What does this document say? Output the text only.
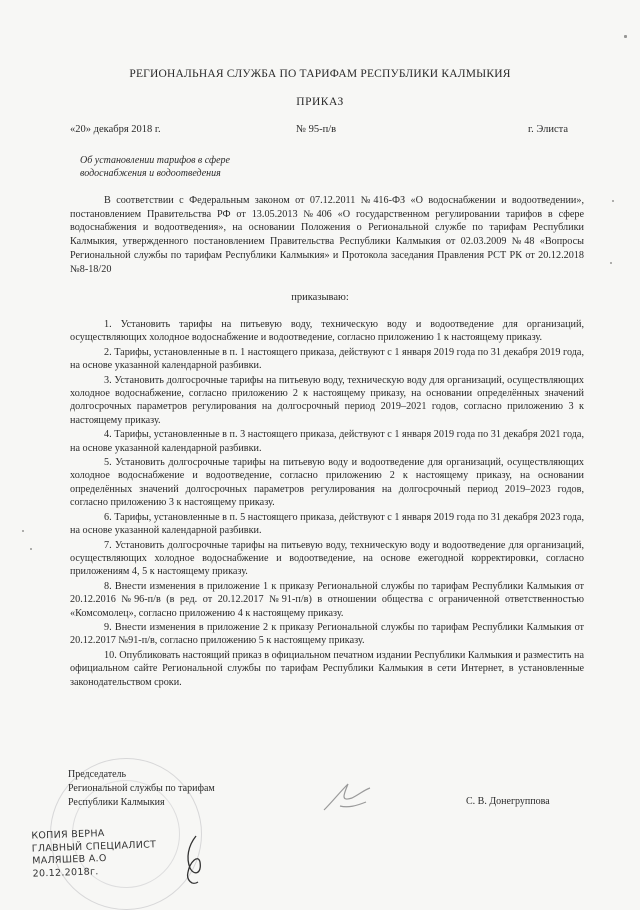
РЕГИОНАЛЬНАЯ СЛУЖБА ПО ТАРИФАМ РЕСПУБЛИКИ КАЛМЫКИЯ
ПРИКАЗ
«20» декабря 2018 г.	№ 95-п/в	г. Элиста
Об установлении тарифов в сфере
водоснабжения и водоотведения
В соответствии с Федеральным законом от 07.12.2011 №416-ФЗ «О водоснабжении и водоотведении», постановлением Правительства РФ от 13.05.2013 №406 «О государственном регулировании тарифов в сфере водоснабжения и водоотведения», на основании Положения о Региональной службе по тарифам Республики Калмыкия, утвержденного постановлением Правительства Республики Калмыкия от 02.03.2009 №48 «Вопросы Региональной службы по тарифам Республики Калмыкия» и Протокола заседания Правления РСТ РК от 20.12.2018 №8-18/20
приказываю:

1. Установить тарифы на питьевую воду, техническую воду и водоотведение для организаций, осуществляющих холодное водоснабжение и водоотведение, согласно приложению 1 к настоящему приказу.

2. Тарифы, установленные в п. 1 настоящего приказа, действуют с 1 января 2019 года по 31 декабря 2019 года, на основе указанной календарной разбивки.

3. Установить долгосрочные тарифы на питьевую воду, техническую воду для организаций, осуществляющих холодное водоснабжение, согласно приложению 2 к настоящему приказу, на основании определённых значений долгосрочных параметров регулирования на долгосрочный период 2019–2021 годов, согласно приложению 3 к настоящему приказу.

4. Тарифы, установленные в п. 3 настоящего приказа, действуют с 1 января 2019 года по 31 декабря 2021 года, на основе указанной календарной разбивки.

5. Установить долгосрочные тарифы на питьевую воду и водоотведение для организаций, осуществляющих холодное водоснабжение и водоотведение, согласно приложению 2 к настоящему приказу, на основании определённых значений долгосрочных параметров регулирования на долгосрочный период 2019–2023 годов, согласно приложению 3 к настоящему приказу.

6. Тарифы, установленные в п. 5 настоящего приказа, действуют с 1 января 2019 года по 31 декабря 2023 года, на основе указанной календарной разбивки.

7. Установить долгосрочные тарифы на питьевую воду, техническую воду и водоотведение для организаций, осуществляющих холодное водоснабжение и водоотведение, на основе ежегодной корректировки, согласно приложениям 4, 5 к настоящему приказу.

8. Внести изменения в приложение 1 к приказу Региональной службы по тарифам Республики Калмыкия от 20.12.2016 №96-п/в (в ред. от 20.12.2017 №91-п/в) в отношении общества с ограниченной ответственностью «Комсомолец», согласно приложению 4 к настоящему приказу.

9. Внести изменения в приложение 2 к приказу Региональной службы по тарифам Республики Калмыкия от 20.12.2017 №91-п/в, согласно приложению 5 к настоящему приказу.

10. Опубликовать настоящий приказ в официальном печатном издании Республики Калмыкия и разместить на официальном сайте Региональной службы по тарифам Республики Калмыкия в сети Интернет, в установленные законодательством сроки.

Председатель
Региональной службы по тарифам
Республики Калмыкия	С. В. Донегруппова
КОПИЯ ВЕРНА
ГЛАВНЫЙ СПЕЦИАЛИСТ
МАЛЯШЕВ А.О
20.12.2018г.
